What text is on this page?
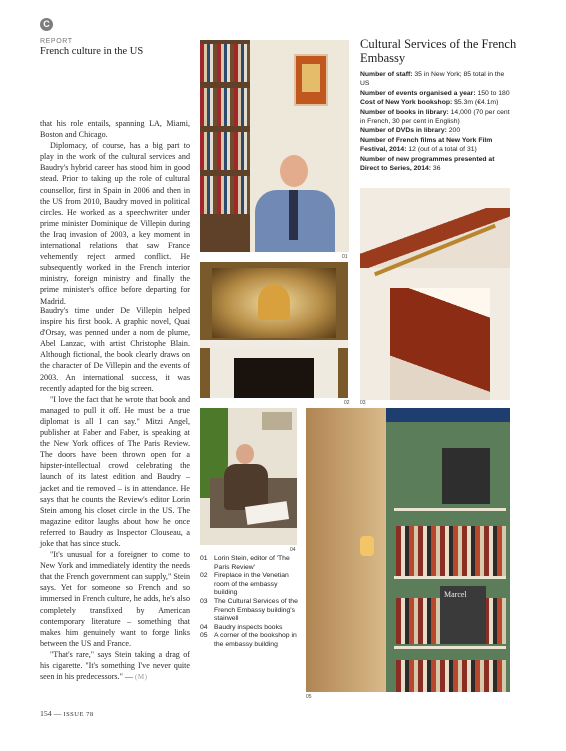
C
REPORT
French culture in the US

that his role entails, spanning LA, Miami, Boston and Chicago.

Diplomacy, of course, has a big part to play in the work of the cultural services and Baudry's hybrid career has stood him in good stead. Prior to taking up the role of cultural counsellor, first in Spain in 2006 and then in the US from 2010, Baudry moved in political circles. He worked as a speechwriter under prime minister Dominique de Villepin during the Iraq invasion of 2003, a key moment in international relations that saw France vehemently reject armed conflict. He subsequently worked in the French interior ministry, foreign ministry and finally the prime minister's office before departing for Madrid.

Baudry's time under De Villepin helped inspire his first book. A graphic novel, Quai d'Orsay, was penned under a nom de plume, Abel Lanzac, with artist Christophe Blain. Although fictional, the book clearly draws on the character of De Villepin and the events of 2003. An international success, it was recently adapted for the big screen.

"I love the fact that he wrote that book and managed to pull it off. He must be a true diplomat is all I can say." Mitzi Angel, publisher at Faber and Faber, is speaking at the New York offices of The Paris Review. The doors have been thrown open for a hipster-intellectual crowd celebrating the launch of its latest edition and Baudry – jacket and tie removed – is in attendance. He says that he counts the Review's editor Lorin Stein among his closet circle in the US. The magazine editor laughs about how he once referred to Baudry as Inspector Clouseau, a joke that has since stuck.

"It's unusual for a foreigner to come to New York and immediately identity the needs that the French government can supply," Stein says. Yet for someone so French and so immersed in French culture, he adds, he's also completely transfixed by American contemporary literature – something that makes him genuinely want to forge links between the US and France.

"That's rare," says Stein taking a drag of his cigarette. "It's something I've never quite seen in his predecessors." — (M)

Cultural Services of the French Embassy
Number of staff: 35 in New York; 85 total in the US
Number of events organised a year: 150 to 180
Cost of New York bookshop: $5.3m (€4.1m)
Number of books in library: 14,000 (70 per cent in French, 30 per cent in English)
Number of DVDs in library: 200
Number of French films at New York Film Festival, 2014: 12 (out of a total of 31)
Number of new programmes presented at Direct to Series, 2014: 36
01
02 03
04
Marcel
05
01 Lorin Stein, editor of 'The Paris Review'
02 Fireplace in the Venetian room of the embassy building
03 The Cultural Services of the French Embassy building's stairwell
04 Baudry inspects books
05 A corner of the bookshop in the embassy building
154 — ISSUE 78
